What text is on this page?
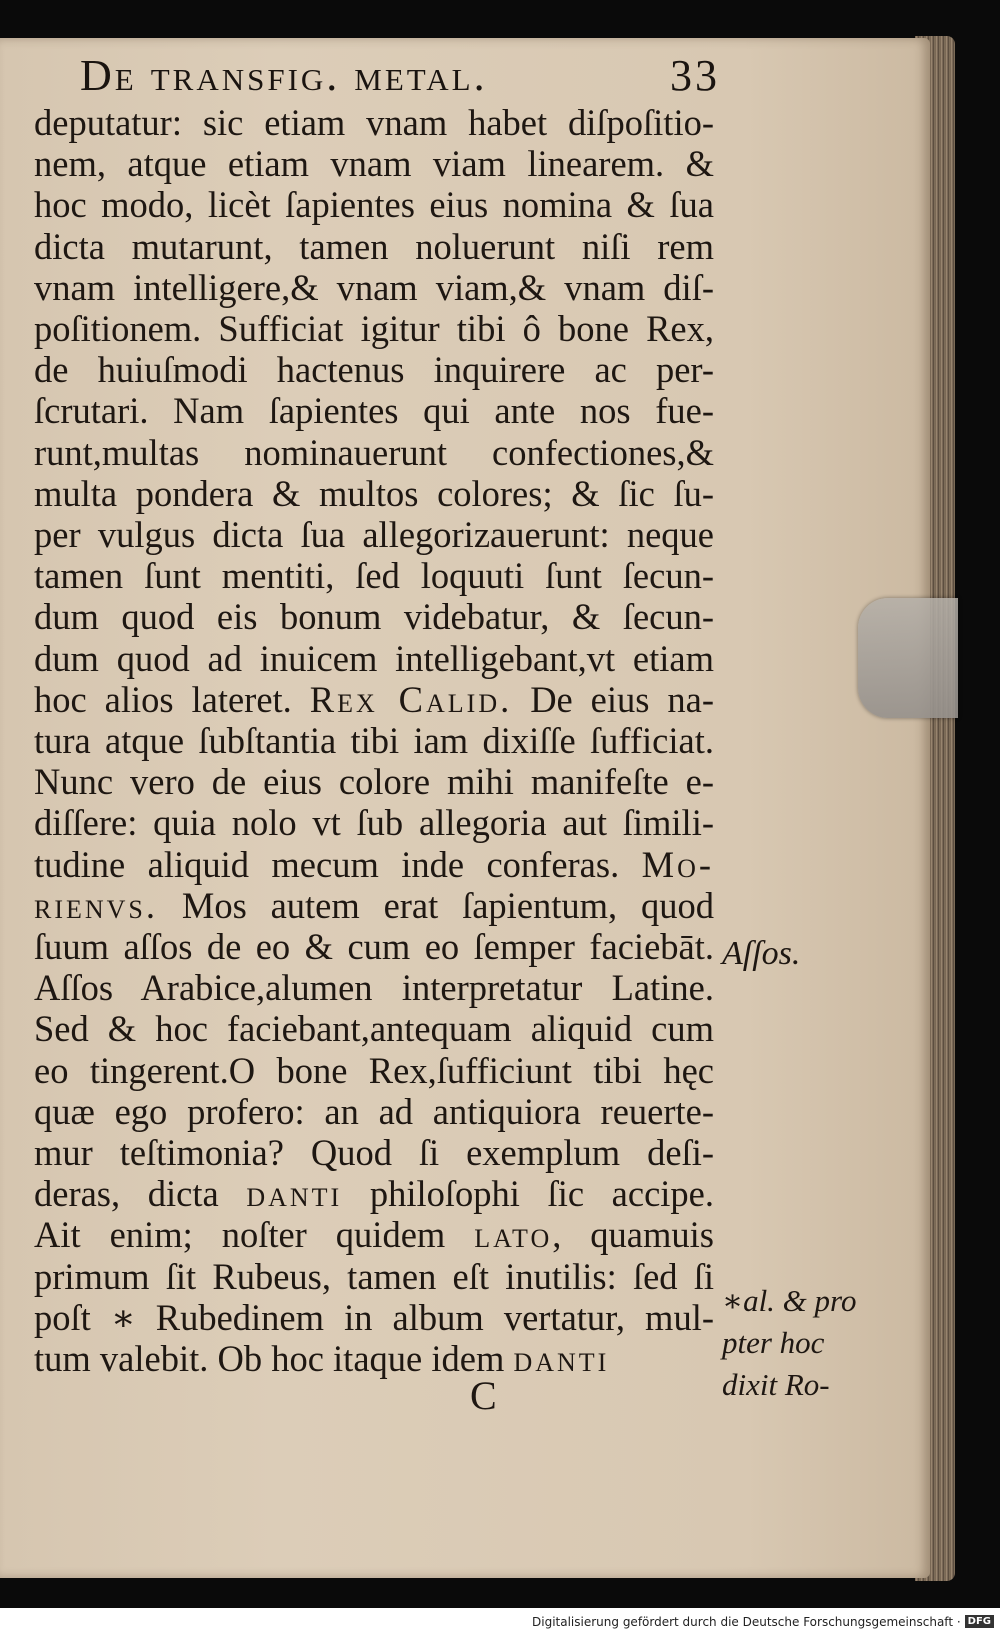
De transfig. metal.	33
deputatur: sic etiam vnam habet diſpoſitio-
nem, atque etiam vnam viam linearem. &
hoc modo, licèt ſapientes eius nomina & ſua
dicta mutarunt, tamen noluerunt niſi rem
vnam intelligere,& vnam viam,& vnam diſ-
poſitionem. Sufficiat igitur tibi ô bone Rex,
de huiuſmodi hactenus inquirere ac per-
ſcrutari. Nam ſapientes qui ante nos fue-
runt,multas nominauerunt confectiones,&
multa pondera & multos colores; & ſic ſu-
per vulgus dicta ſua allegorizauerunt: neque
tamen ſunt mentiti, ſed loquuti ſunt ſecun-
dum quod eis bonum videbatur, & ſecun-
dum quod ad inuicem intelligebant,vt etiam
hoc alios lateret. Rex Calid. De eius na-
tura atque ſubſtantia tibi iam dixiſſe ſufficiat.
Nunc vero de eius colore mihi manifeſte e-
diſſere: quia nolo vt ſub allegoria aut ſimili-
tudine aliquid mecum inde conferas. Mo-
rienvs. Mos autem erat ſapientum, quod
ſuum aſſos de eo & cum eo ſemper faciebāt.
Aſſos Arabice,alumen interpretatur Latine.
Sed & hoc faciebant,antequam aliquid cum
eo tingerent.O bone Rex,ſufficiunt tibi hęc
quæ ego profero: an ad antiquiora reuerte-
mur teſtimonia? Quod ſi exemplum deſi-
deras, dicta danti philoſophi ſic accipe.
Ait enim; noſter quidem lato, quamuis
primum ſit Rubeus, tamen eſt inutilis: ſed ſi
poſt ∗ Rubedinem in album vertatur, mul-
tum valebit. Ob hoc itaque idem danti
Aſſos.
∗al. & pro
pter hoc
dixit Ro-
C
Digitalisierung gefördert durch die Deutsche Forschungsgemeinschaft · DFG
